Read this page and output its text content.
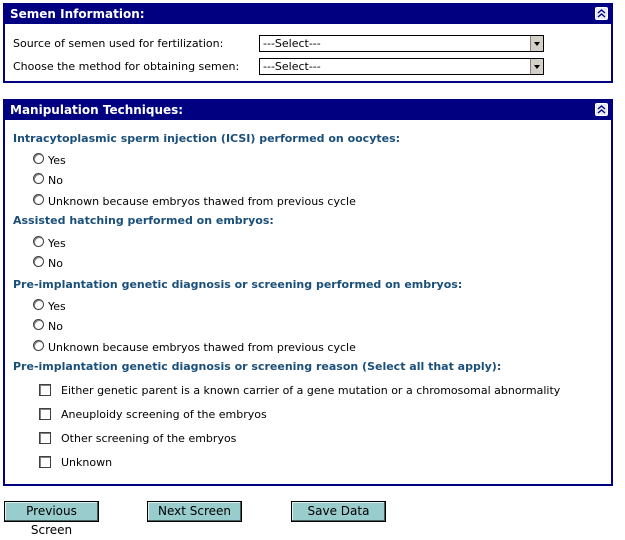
Semen Information:
Source of semen used for fertilization:	---Select---
Choose the method for obtaining semen: ---Select---
Manipulation Techniques:
Intracytoplasmic sperm injection (ICSI) performed on oocytes:
Yes
No
Unknown because embryos thawed from previous cycle
Assisted hatching performed on embryos:
Yes
No
Pre-implantation genetic diagnosis or screening performed on embryos:
Yes
No
Unknown because embryos thawed from previous cycle
Pre-implantation genetic diagnosis or screening reason (Select all that apply):
Either genetic parent is a known carrier of a gene mutation or a chromosomal abnormality
Aneuploidy screening of the embryos
Other screening of the embryos
Unknown
Previous Screen
Next Screen	Save Data
